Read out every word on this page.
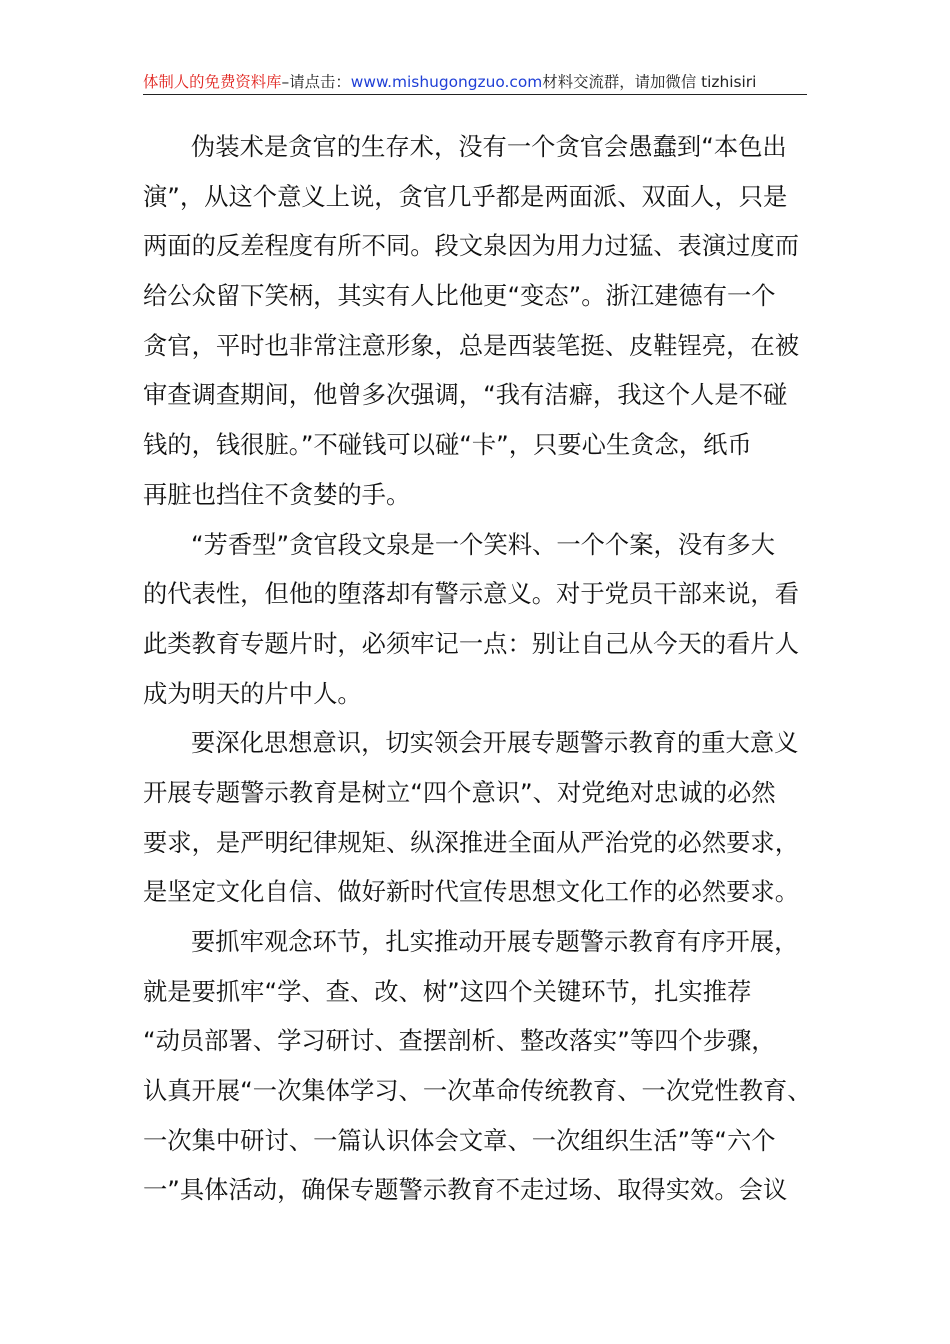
体制人的免费资料库–请点击：www.mishugongzuo.com材料交流群，请加微信 tizhisiri
伪装术是贪官的生存术，没有一个贪官会愚蠢到“本色出
演”，从这个意义上说，贪官几乎都是两面派、双面人，只是
两面的反差程度有所不同。段文泉因为用力过猛、表演过度而
给公众留下笑柄，其实有人比他更“变态”。浙江建德有一个
贪官，平时也非常注意形象，总是西装笔挺、皮鞋锃亮，在被
审查调查期间，他曾多次强调，“我有洁癖，我这个人是不碰
钱的，钱很脏。”不碰钱可以碰“卡”，只要心生贪念，纸币
再脏也挡住不贪婪的手。
“芳香型”贪官段文泉是一个笑料、一个个案，没有多大
的代表性，但他的堕落却有警示意义。对于党员干部来说，看
此类教育专题片时，必须牢记一点：别让自己从今天的看片人
成为明天的片中人。
要深化思想意识，切实领会开展专题警示教育的重大意义
开展专题警示教育是树立“四个意识”、对党绝对忠诚的必然
要求，是严明纪律规矩、纵深推进全面从严治党的必然要求，
是坚定文化自信、做好新时代宣传思想文化工作的必然要求。
要抓牢观念环节，扎实推动开展专题警示教育有序开展，
就是要抓牢“学、查、改、树”这四个关键环节，扎实推荐
“动员部署、学习研讨、查摆剖析、整改落实”等四个步骤，
认真开展“一次集体学习、一次革命传统教育、一次党性教育、
一次集中研讨、一篇认识体会文章、一次组织生活”等“六个
一”具体活动，确保专题警示教育不走过场、取得实效。会议
